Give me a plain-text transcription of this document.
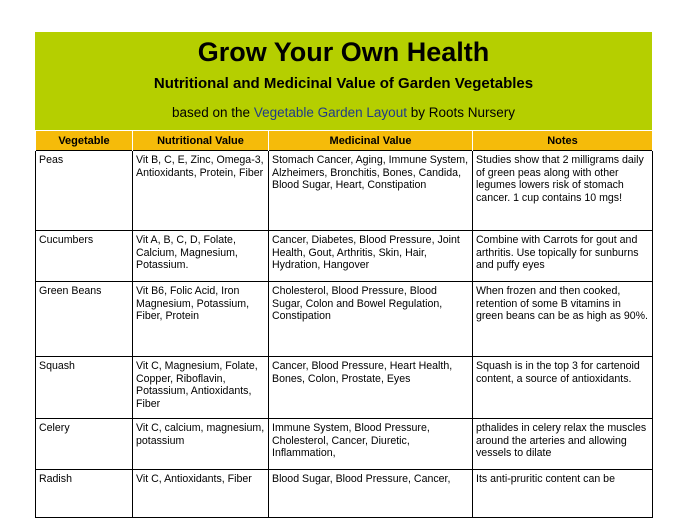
Grow Your Own Health
Nutritional and Medicinal Value of Garden Vegetables
based on the Vegetable Garden Layout by Roots Nursery
Vegetable	Nutritional Value	Medicinal Value	Notes
Peas	Vit B, C, E, Zinc, Omega-3, Antioxidants, Protein, Fiber	Stomach Cancer, Aging, Immune System, Alzheimers, Bronchitis, Bones, Candida, Blood Sugar, Heart, Constipation	Studies show that 2 milligrams daily of green peas along with other legumes lowers risk of stomach cancer. 1 cup contains 10 mgs!
Cucumbers	Vit A, B, C, D, Folate, Calcium, Magnesium, Potassium.	Cancer, Diabetes, Blood Pressure, Joint Health, Gout, Arthritis, Skin, Hair, Hydration, Hangover	Combine with Carrots for gout and arthritis. Use topically for sunburns and puffy eyes
Green Beans	Vit B6, Folic Acid, Iron Magnesium, Potassium, Fiber, Protein	Cholesterol, Blood Pressure, Blood Sugar, Colon and Bowel Regulation, Constipation	When frozen and then cooked, retention of some B vitamins in green beans can be as high as 90%.
Squash	Vit C, Magnesium, Folate, Copper, Riboflavin, Potassium, Antioxidants, Fiber	Cancer, Blood Pressure, Heart Health, Bones, Colon, Prostate, Eyes	Squash is in the top 3 for cartenoid content, a source of antioxidants.
Celery	Vit C, calcium, magnesium, potassium	Immune System, Blood Pressure, Cholesterol, Cancer, Diuretic, Inflammation,	pthalides in celery relax the muscles around the arteries and allowing vessels to dilate
Radish	Vit C, Antioxidants, Fiber	Blood Sugar, Blood Pressure, Cancer,	Its anti-pruritic content can be
